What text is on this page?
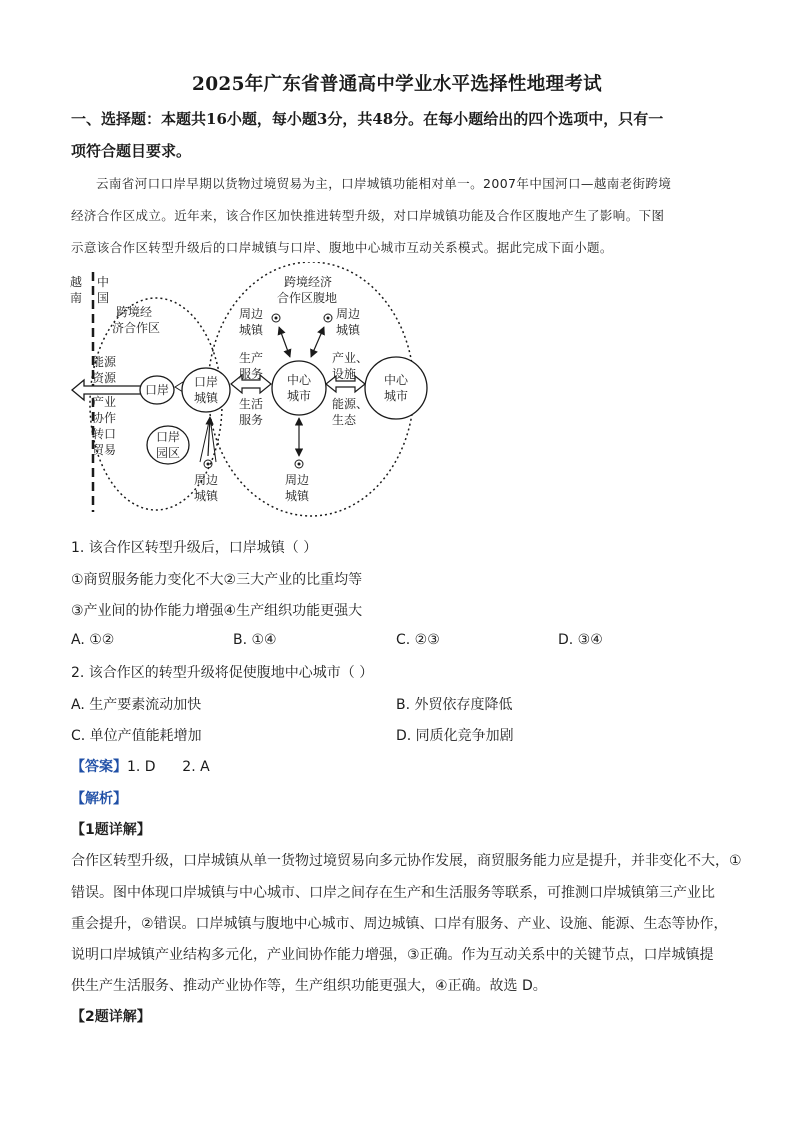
2025年广东省普通高中学业水平选择性地理考试
一、选择题：本题共16小题，每小题3分，共48分。在每小题给出的四个选项中，只有一
项符合题目要求。
云南省河口口岸早期以货物过境贸易为主，口岸城镇功能相对单一。2007年中国河口—越南老街跨境
经济合作区成立。近年来，该合作区加快推进转型升级，对口岸城镇功能及合作区腹地产生了影响。下图
示意该合作区转型升级后的口岸城镇与口岸、腹地中心城市互动关系模式。据此完成下面小题。
越
南
中
国
跨境经
济合作区
跨境经济
合作区腹地
能源
资源
产业
协作
转口
贸易
口岸
口岸
园区
口岸
城镇
生产
服务
生活
服务
中心
城市
产业、
设施
能源、
生态
中心
城市
周边
城镇
周边
城镇
周边
城镇
周边
城镇
1. 该合作区转型升级后，口岸城镇（ ）
①商贸服务能力变化不大②三大产业的比重均等
③产业间的协作能力增强④生产组织功能更强大
A. ①②	B. ①④	C. ②③	D. ③④
2. 该合作区的转型升级将促使腹地中心城市（ ）
A. 生产要素流动加快	B. 外贸依存度降低
C. 单位产值能耗增加	D. 同质化竞争加剧
【答案】1. D      2. A
【解析】
【1题详解】
合作区转型升级，口岸城镇从单一货物过境贸易向多元协作发展，商贸服务能力应是提升，并非变化不大，①
错误。图中体现口岸城镇与中心城市、口岸之间存在生产和生活服务等联系，可推测口岸城镇第三产业比
重会提升，②错误。口岸城镇与腹地中心城市、周边城镇、口岸有服务、产业、设施、能源、生态等协作，
说明口岸城镇产业结构多元化，产业间协作能力增强，③正确。作为互动关系中的关键节点，口岸城镇提
供生产生活服务、推动产业协作等，生产组织功能更强大，④正确。故选 D。
【2题详解】
